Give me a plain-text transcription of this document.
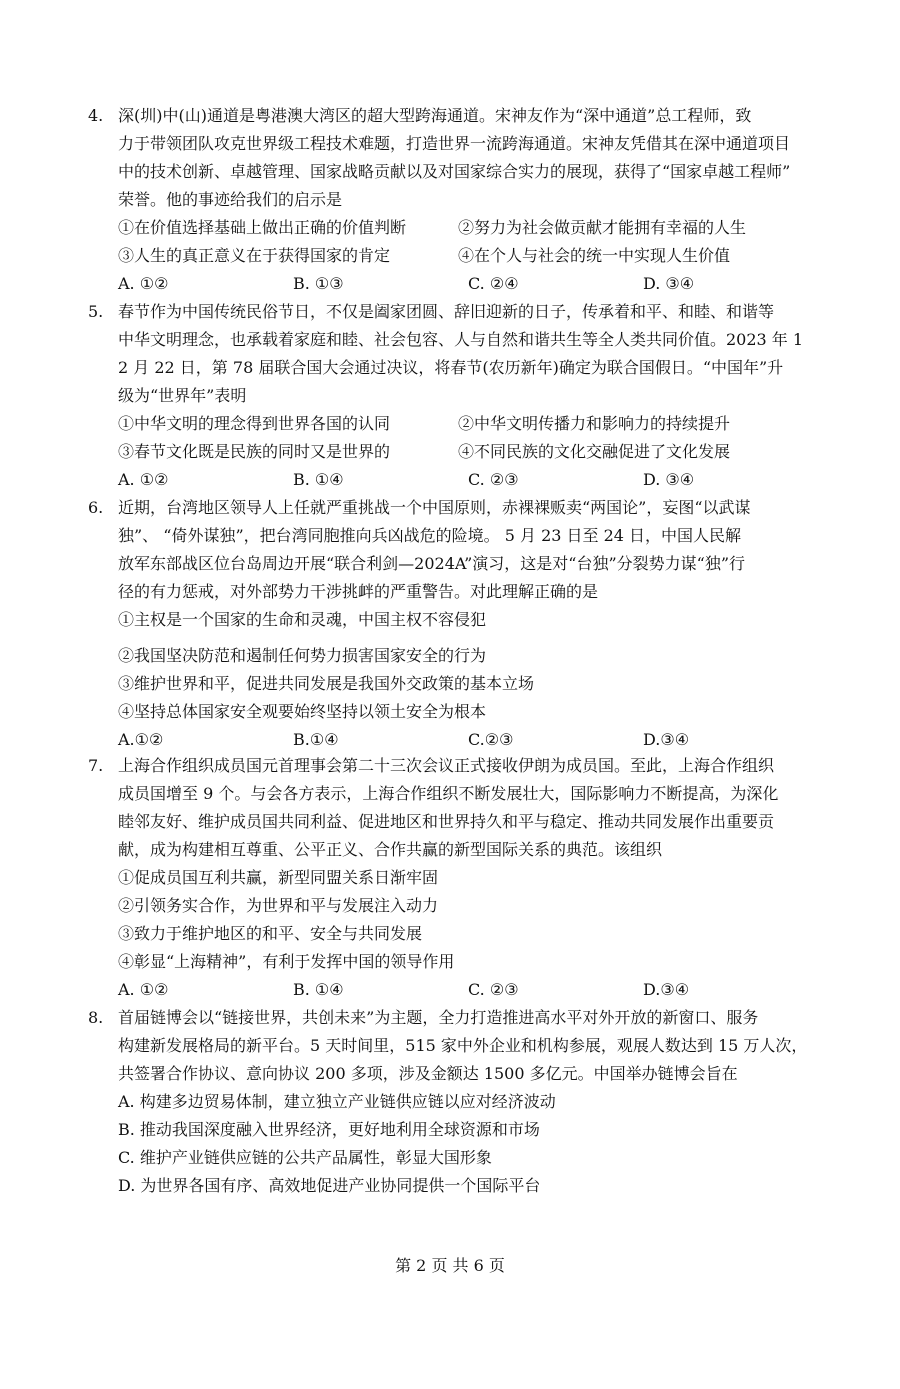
4. 深(圳)中(山)通道是粤港澳大湾区的超大型跨海通道。宋神友作为“深中通道”总工程师，致
力于带领团队攻克世界级工程技术难题，打造世界一流跨海通道。宋神友凭借其在深中通道项目
中的技术创新、卓越管理、国家战略贡献以及对国家综合实力的展现，获得了“国家卓越工程师”
荣誉。他的事迹给我们的启示是
①在价值选择基础上做出正确的价值判断	②努力为社会做贡献才能拥有幸福的人生
③人生的真正意义在于获得国家的肯定	④在个人与社会的统一中实现人生价值
A. ①②	B. ①③	C. ②④	D. ③④
5. 春节作为中国传统民俗节日，不仅是阖家团圆、辞旧迎新的日子，传承着和平、和睦、和谐等
中华文明理念，也承载着家庭和睦、社会包容、人与自然和谐共生等全人类共同价值。2023 年 1
2 月 22 日，第 78 届联合国大会通过决议，将春节(农历新年)确定为联合国假日。“中国年”升
级为“世界年”表明
①中华文明的理念得到世界各国的认同	②中华文明传播力和影响力的持续提升
③春节文化既是民族的同时又是世界的	④不同民族的文化交融促进了文化发展
A. ①②	B. ①④	C. ②③	D. ③④
6. 近期，台湾地区领导人上任就严重挑战一个中国原则，赤裸裸贩卖“两国论”，妄图“以武谋
独”、 “倚外谋独”，把台湾同胞推向兵凶战危的险境。 5 月 23 日至 24 日，中国人民解
放军东部战区位台岛周边开展“联合利剑—2024A”演习，这是对“台独”分裂势力谋“独”行
径的有力惩戒，对外部势力干涉挑衅的严重警告。对此理解正确的是
①主权是一个国家的生命和灵魂，中国主权不容侵犯
②我国坚决防范和遏制任何势力损害国家安全的行为
③维护世界和平，促进共同发展是我国外交政策的基本立场
④坚持总体国家安全观要始终坚持以领土安全为根本
A.①②	B.①④	C.②③	D.③④
7. 上海合作组织成员国元首理事会第二十三次会议正式接收伊朗为成员国。至此，上海合作组织
成员国增至 9 个。与会各方表示，上海合作组织不断发展壮大，国际影响力不断提高，为深化
睦邻友好、维护成员国共同利益、促进地区和世界持久和平与稳定、推动共同发展作出重要贡
献，成为构建相互尊重、公平正义、合作共赢的新型国际关系的典范。该组织
①促成员国互利共赢，新型同盟关系日渐牢固
②引领务实合作，为世界和平与发展注入动力
③致力于维护地区的和平、安全与共同发展
④彰显“上海精神”，有利于发挥中国的领导作用
A. ①②	B. ①④	C. ②③	D.③④
8. 首届链博会以“链接世界，共创未来”为主题，全力打造推进高水平对外开放的新窗口、服务
构建新发展格局的新平台。5 天时间里，515 家中外企业和机构参展，观展人数达到 15 万人次，
共签署合作协议、意向协议 200 多项，涉及金额达 1500 多亿元。中国举办链博会旨在
A. 构建多边贸易体制，建立独立产业链供应链以应对经济波动
B. 推动我国深度融入世界经济，更好地利用全球资源和市场
C. 维护产业链供应链的公共产品属性，彰显大国形象
D. 为世界各国有序、高效地促进产业协同提供一个国际平台
第 2 页 共 6 页
